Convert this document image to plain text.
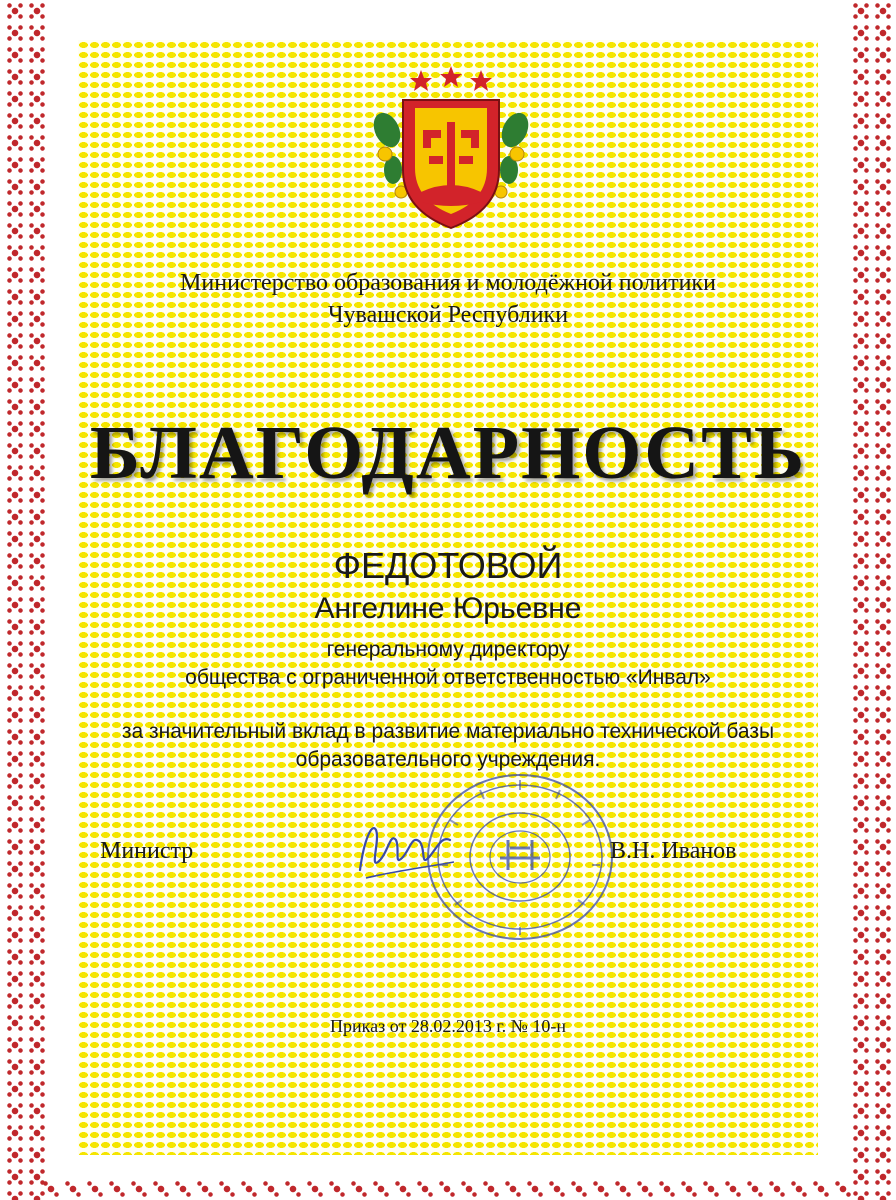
Министерство образования и молодёжной политики
Чувашской Республики
БЛАГОДАРНОСТЬ
ФЕДОТОВОЙ
Ангелине Юрьевне
генеральному директору
общества с ограниченной ответственностью «Инвал»
за значительный вклад в развитие материально технической базы
образовательного учреждения.
Министр	В.Н. Иванов
Приказ от 28.02.2013 г. № 10-н
